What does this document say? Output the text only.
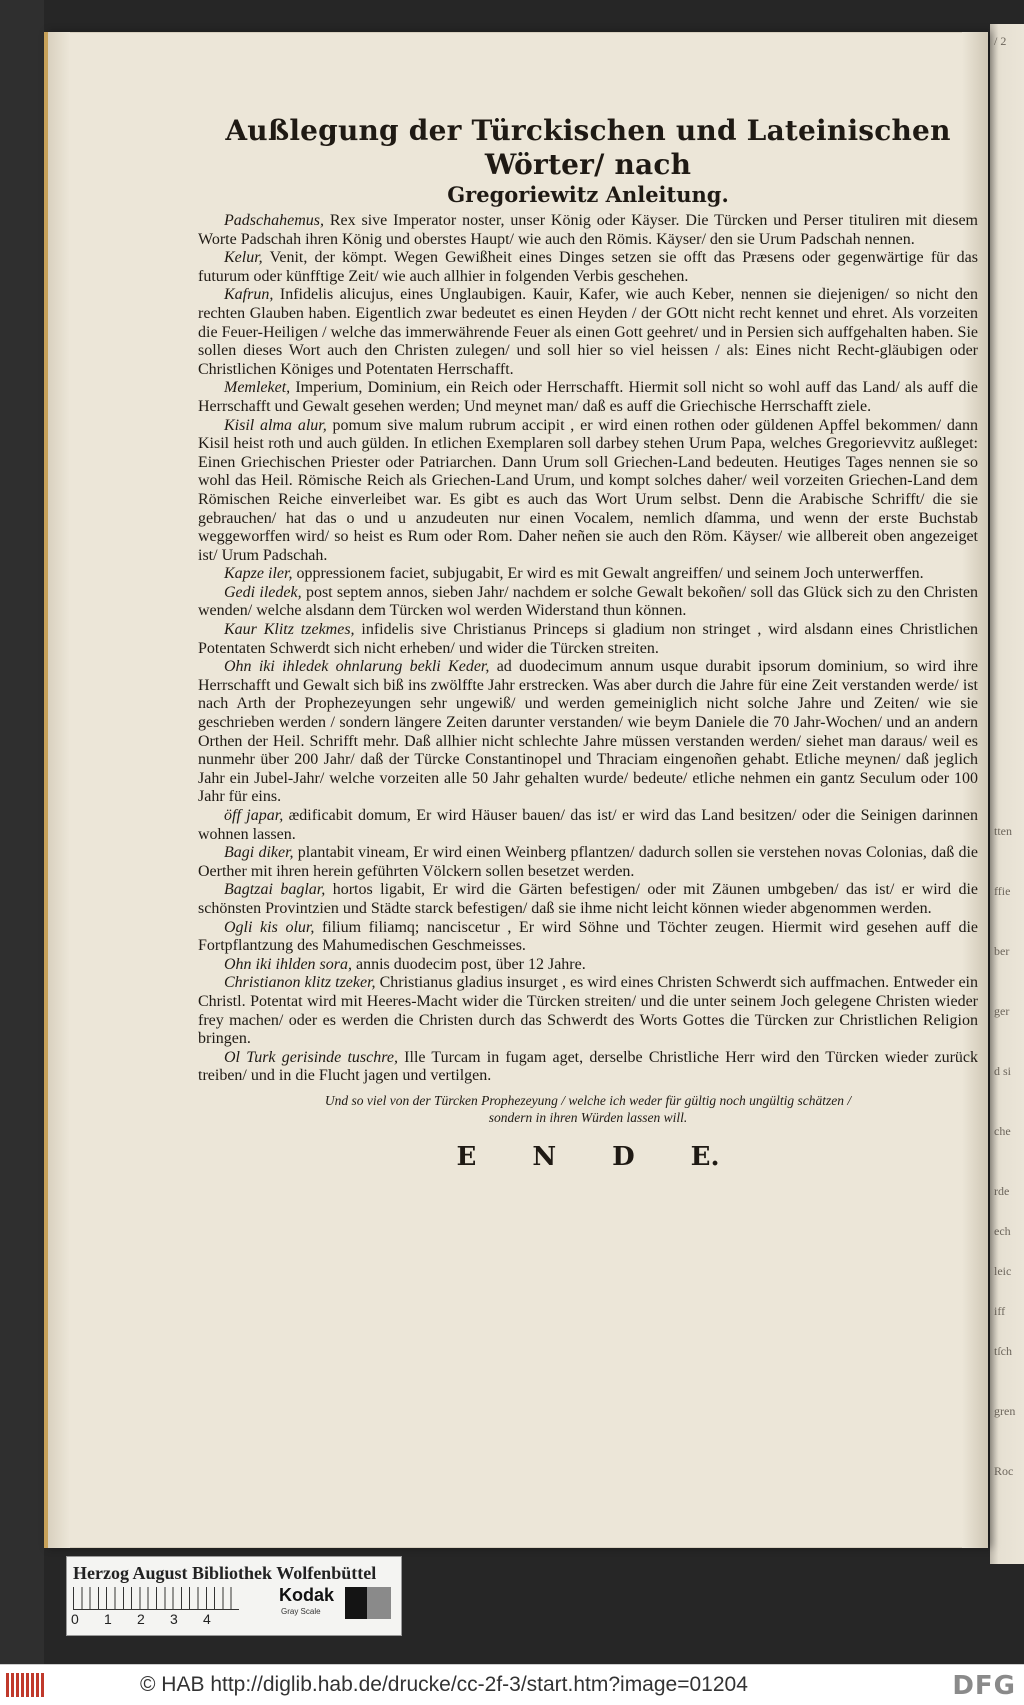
/ 2
tten
ffie
ber
ger
d si
che
rde
ech
leic
iff
tſch
gren
Roc
Außlegung der Türckischen und Lateinischen Wörter/ nach
Gregoriewitz Anleitung.

Padschahemus, Rex sive Imperator noster, unser König oder Käyser. Die Türcken und Perser tituliren mit diesem Worte Padschah ihren König und oberstes Haupt/ wie auch den Römis. Käyser/ den sie Urum Padschah nennen.

Kelur, Venit, der kömpt. Wegen Gewißheit eines Dinges setzen sie offt das Præsens oder gegenwärtige für das futurum oder künfftige Zeit/ wie auch allhier in folgenden Verbis geschehen.

Kafrun, Infidelis alicujus, eines Unglaubigen. Kauir, Kafer, wie auch Keber, nennen sie diejenigen/ so nicht den rechten Glauben haben. Eigentlich zwar bedeutet es einen Heyden / der GOtt nicht recht kennet und ehret. Als vorzeiten die Feuer-Heiligen / welche das immerwährende Feuer als einen Gott geehret/ und in Persien sich auffgehalten haben. Sie sollen dieses Wort auch den Christen zulegen/ und soll hier so viel heissen / als: Eines nicht Recht-gläubigen oder Christlichen Königes und Potentaten Herrschafft.

Memleket, Imperium, Dominium, ein Reich oder Herrschafft. Hiermit soll nicht so wohl auff das Land/ als auff die Herrschafft und Gewalt gesehen werden; Und meynet man/ daß es auff die Griechische Herrschafft ziele.

Kisil alma alur, pomum sive malum rubrum accipit , er wird einen rothen oder güldenen Apffel bekommen/ dann Kisil heist roth und auch gülden. In etlichen Exemplaren soll darbey stehen Urum Papa, welches Gregorievvitz außleget: Einen Griechischen Priester oder Patriarchen. Dann Urum soll Griechen-Land bedeuten. Heutiges Tages nennen sie so wohl das Heil. Römische Reich als Griechen-Land Urum, und kompt solches daher/ weil vorzeiten Griechen-Land dem Römischen Reiche einverleibet war. Es gibt es auch das Wort Urum selbst. Denn die Arabische Schrifft/ die sie gebrauchen/ hat das o und u anzudeuten nur einen Vocalem, nemlich dſamma, und wenn der erste Buchstab weggeworffen wird/ so heist es Rum oder Rom. Daher neñen sie auch den Röm. Käyser/ wie allbereit oben angezeiget ist/ Urum Padschah.

Kapze iler, oppressionem faciet, subjugabit, Er wird es mit Gewalt angreiffen/ und seinem Joch unterwerffen.

Gedi iledek, post septem annos, sieben Jahr/ nachdem er solche Gewalt bekoñen/ soll das Glück sich zu den Christen wenden/ welche alsdann dem Türcken wol werden Widerstand thun können.

Kaur Klitz tzekmes, infidelis sive Christianus Princeps si gladium non stringet , wird alsdann eines Christlichen Potentaten Schwerdt sich nicht erheben/ und wider die Türcken streiten.

Ohn iki ihledek ohnlarung bekli Keder, ad duodecimum annum usque durabit ipsorum dominium, so wird ihre Herrschafft und Gewalt sich biß ins zwölffte Jahr erstrecken. Was aber durch die Jahre für eine Zeit verstanden werde/ ist nach Arth der Prophezeyungen sehr ungewiß/ und werden gemeiniglich nicht solche Jahre und Zeiten/ wie sie geschrieben werden / sondern längere Zeiten darunter verstanden/ wie beym Daniele die 70 Jahr-Wochen/ und an andern Orthen der Heil. Schrifft mehr. Daß allhier nicht schlechte Jahre müssen verstanden werden/ siehet man daraus/ weil es nunmehr über 200 Jahr/ daß der Türcke Constantinopel und Thraciam eingenoñen gehabt. Etliche meynen/ daß jeglich Jahr ein Jubel-Jahr/ welche vorzeiten alle 50 Jahr gehalten wurde/ bedeute/ etliche nehmen ein gantz Seculum oder 100 Jahr für eins.

öff japar, ædificabit domum, Er wird Häuser bauen/ das ist/ er wird das Land besitzen/ oder die Seinigen darinnen wohnen lassen.

Bagi diker, plantabit vineam, Er wird einen Weinberg pflantzen/ dadurch sollen sie verstehen novas Colonias, daß die Oerther mit ihren herein geführten Völckern sollen besetzet werden.

Bagtzai baglar, hortos ligabit, Er wird die Gärten befestigen/ oder mit Zäunen umbgeben/ das ist/ er wird die schönsten Provintzien und Städte starck befestigen/ daß sie ihme nicht leicht können wieder abgenommen werden.

Ogli kis olur, filium filiamq; nanciscetur , Er wird Söhne und Töchter zeugen. Hiermit wird gesehen auff die Fortpflantzung des Mahumedischen Geschmeisses.

Ohn iki ihlden sora, annis duodecim post, über 12 Jahre.

Christianon klitz tzeker, Christianus gladius insurget , es wird eines Christen Schwerdt sich auffmachen. Entweder ein Christl. Potentat wird mit Heeres-Macht wider die Türcken streiten/ und die unter seinem Joch gelegene Christen wieder frey machen/ oder es werden die Christen durch das Schwerdt des Worts Gottes die Türcken zur Christlichen Religion bringen.

Ol Turk gerisinde tuschre, Ille Turcam in fugam aget, derselbe Christliche Herr wird den Türcken wieder zurück treiben/ und in die Flucht jagen und vertilgen.

Und so viel von der Türcken Prophezeyung / welche ich weder für gültig noch ungültig schätzen /
sondern in ihren Würden lassen will.
E N D E.
Herzog August Bibliothek Wolfenbüttel
0	1	2	3	4
Kodak
Gray Scale
© HAB http://diglib.hab.de/drucke/cc-2f-3/start.htm?image=01204	DFG
